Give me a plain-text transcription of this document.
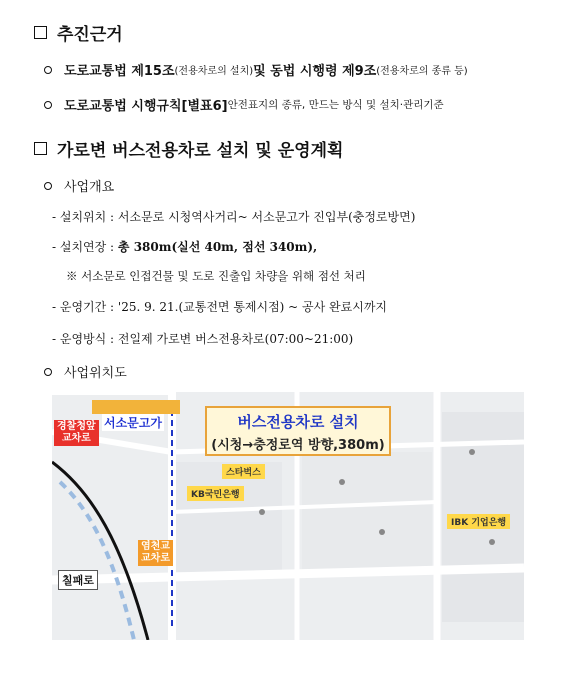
추진근거
도로교통법 제15조 (전용차로의 설치) 및 동법 시행령 제9조 (전용차로의 종류 등)
도로교통법 시행규칙[별표6] 안전표지의 종류, 만드는 방식 및 설치·관리기준
가로변 버스전용차로 설치 및 운영계획
사업개요
- 설치위치 : 서소문로 시청역사거리~ 서소문고가 진입부(충정로방면)
- 설치연장 : 총 380m(실선 40m, 점선 340m),
※ 서소문로 인접건물 및 도로 진출입 차량을 위해 점선 처리
- 운영기간 : '25. 9. 21.(교통전면 통제시점) ~ 공사 완료시까지
- 운영방식 : 전일제 가로변 버스전용차로(07:00~21:00)
사업위치도
버스전용차로 설치
(시청→충정로역 방향,380m)
서소문고가
경찰청앞
교차로
염천교
교차로
칠패로
스타벅스
KB국민은행
IBK 기업은행
